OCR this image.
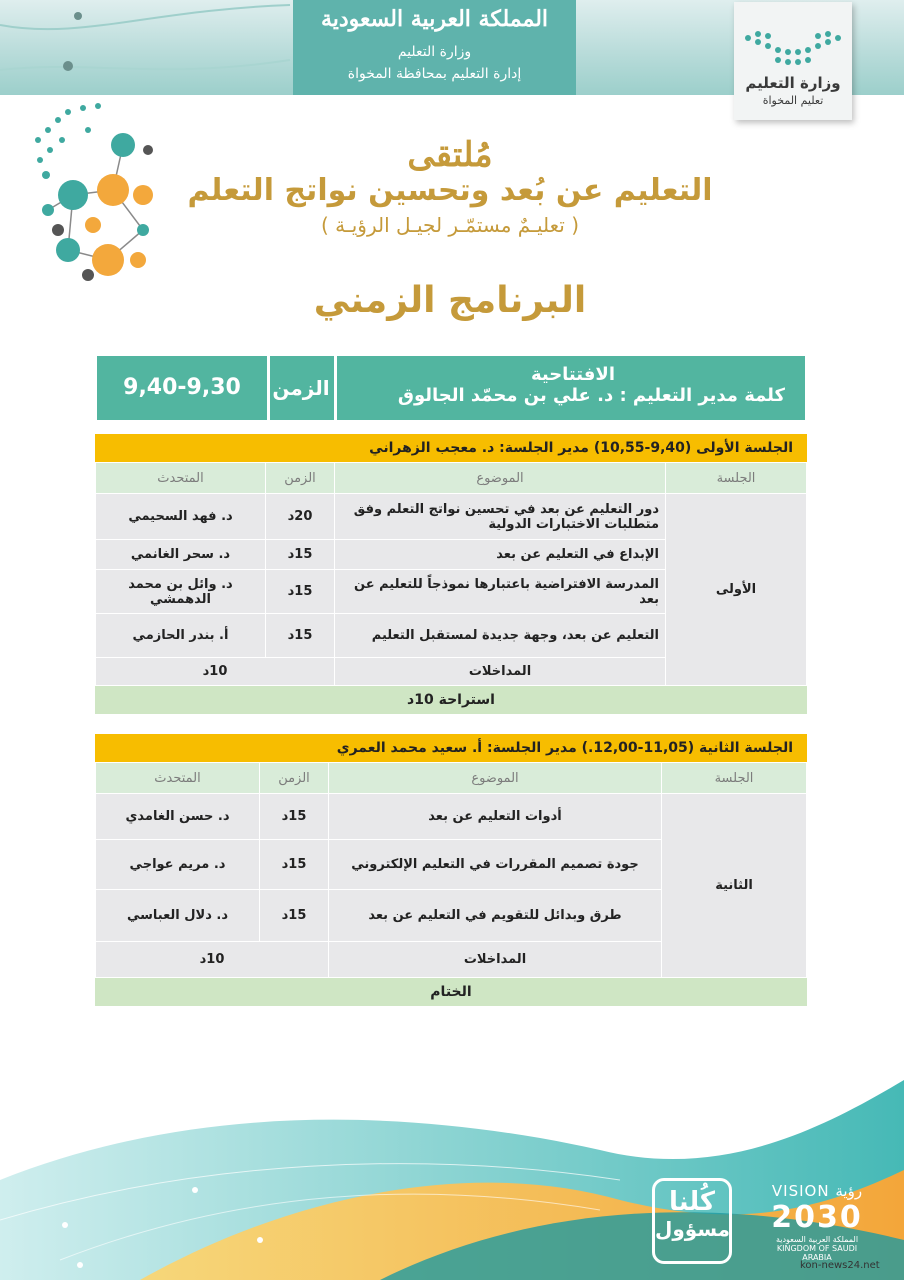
المملكة العربية السعودية
وزارة التعليم
إدارة التعليم بمحافظة المخواة	وزارة التعليم
تعليم المخواة
مُلتقى
التعليم عن بُعد وتحسين نواتج التعلم
( تعليـمٌ مستمّـر لجيـل الرؤيـة )
البرنامج الزمني
9,40-9,30	الزمن
الافتتاحية
كلمة مدير التعليم : د. علي بن محمّد الجالوق
الجلسة الأولى (9,40-10,55) مدير الجلسة: د. معجب الزهراني
الجلسة	الموضوع	الزمن	المتحدث
الأولى	دور التعليم عن بعد في تحسين نواتج التعلم وفق متطلبات الاختبارات الدولية	20د	د. فهد السحيمي
	الإبداع في التعليم عن بعد	15د	د. سحر الغانمي
	المدرسة الافتراضية باعتبارها نموذجاً للتعليم عن بعد	15د	د. وائل بن محمد الدهمشي
	التعليم عن بعد، وجهة جديدة لمستقبل التعليم	15د	أ. بندر الحازمي
	المداخلات	10د	
استراحة 10د
الجلسة الثانية (11,05-12,00.) مدير الجلسة: أ. سعيد محمد العمري
الجلسة	الموضوع	الزمن	المتحدث
الثانية	أدوات التعليم عن بعد	15د	د. حسن الغامدي
	جودة تصميم المقررات في التعليم الإلكتروني	15د	د. مريم عواجي
	طرق وبدائل للتقويم في التعليم عن بعد	15د	د. دلال العباسي
	المداخلات	10د	
الختام
كُلنا
مسؤول
VISION رؤية
2030
المملكة العربية السعودية KINGDOM OF SAUDI ARABIA
kon-news24.net
